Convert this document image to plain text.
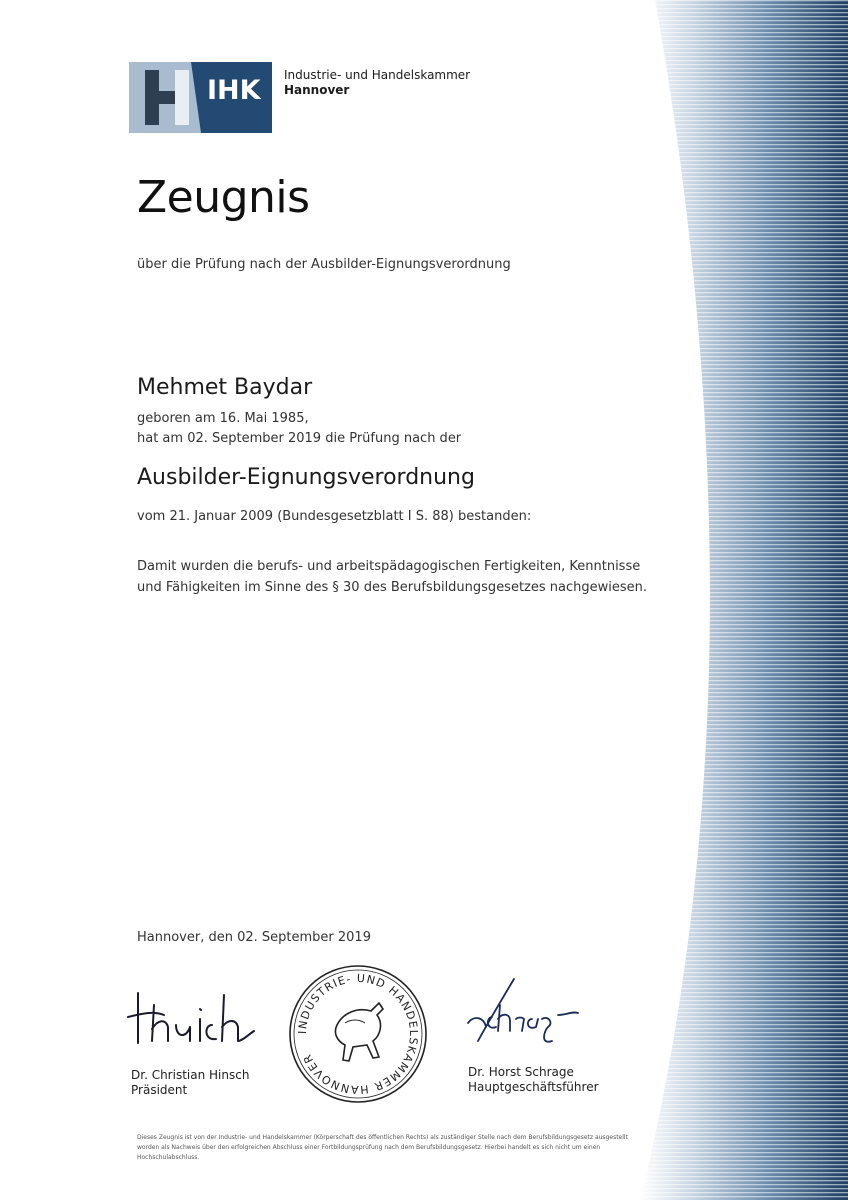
IHK Industrie- und Handelskammer
Hannover
Zeugnis
über die Prüfung nach der Ausbilder-Eignungsverordnung
Mehmet Baydar
geboren am 16. Mai 1985,
hat am 02. September 2019 die Prüfung nach der
Ausbilder-Eignungsverordnung
vom 21. Januar 2009 (Bundesgesetzblatt I S. 88) bestanden:
Damit wurden die berufs- und arbeitspädagogischen Fertigkeiten, Kenntnisse und Fähigkeiten im Sinne des § 30 des Berufsbildungsgesetzes nachgewiesen.
Hannover, den 02. September 2019
Dr. Christian Hinsch
Präsident
INDUSTRIE- UND HANDELSKAMMER HANNOVER
Dr. Horst Schrage
Hauptgeschäftsführer
Dieses Zeugnis ist von der Industrie- und Handelskammer (Körperschaft des öffentlichen Rechts) als zuständiger Stelle nach dem Berufsbildungsgesetz ausgestellt worden als Nachweis über den erfolgreichen Abschluss einer Fortbildungsprüfung nach dem Berufsbildungsgesetz. Hierbei handelt es sich nicht um einen Hochschulabschluss.
